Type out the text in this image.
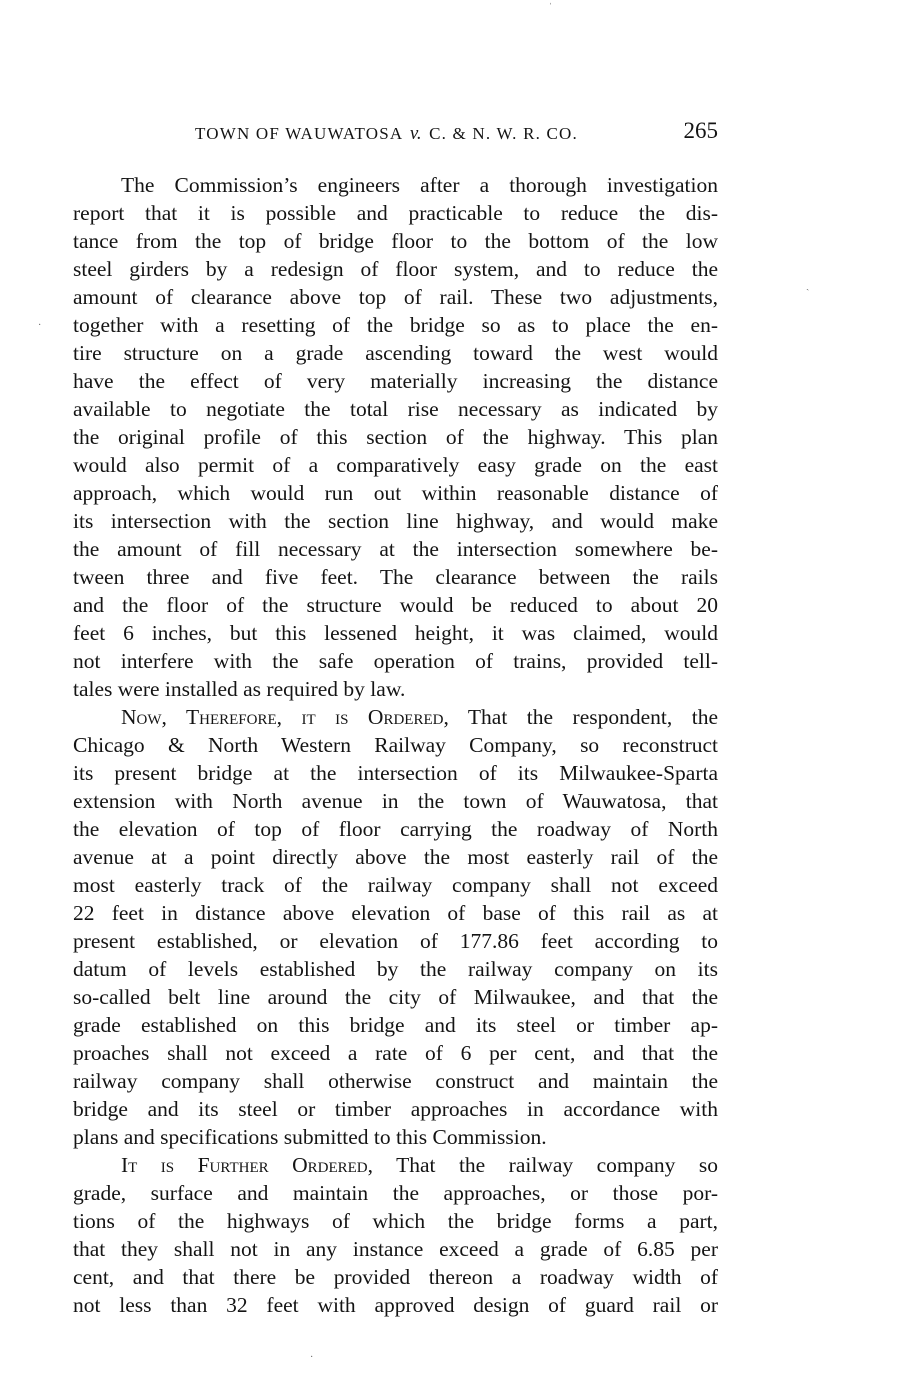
TOWN OF WAUWATOSA v. C. & N. W. R. CO.	265
The Commission’s engineers after a thorough investigation
report that it is possible and practicable to reduce the dis-
tance from the top of bridge floor to the bottom of the low
steel girders by a redesign of floor system, and to reduce the
amount of clearance above top of rail. These two adjustments,
together with a resetting of the bridge so as to place the en-
tire structure on a grade ascending toward the west would
have the effect of very materially increasing the distance
available to negotiate the total rise necessary as indicated by
the original profile of this section of the highway. This plan
would also permit of a comparatively easy grade on the east
approach, which would run out within reasonable distance of
its intersection with the section line highway, and would make
the amount of fill necessary at the intersection somewhere be-
tween three and five feet. The clearance between the rails
and the floor of the structure would be reduced to about 20
feet 6 inches, but this lessened height, it was claimed, would
not interfere with the safe operation of trains, provided tell-
tales were installed as required by law.
Now, Therefore, it is Ordered, That the respondent, the
Chicago & North Western Railway Company, so reconstruct
its present bridge at the intersection of its Milwaukee-Sparta
extension with North avenue in the town of Wauwatosa, that
the elevation of top of floor carrying the roadway of North
avenue at a point directly above the most easterly rail of the
most easterly track of the railway company shall not exceed
22 feet in distance above elevation of base of this rail as at
present established, or elevation of 177.86 feet according to
datum of levels established by the railway company on its
so-called belt line around the city of Milwaukee, and that the
grade established on this bridge and its steel or timber ap-
proaches shall not exceed a rate of 6 per cent, and that the
railway company shall otherwise construct and maintain the
bridge and its steel or timber approaches in accordance with
plans and specifications submitted to this Commission.
It is Further Ordered, That the railway company so
grade, surface and maintain the approaches, or those por-
tions of the highways of which the bridge forms a part,
that they shall not in any instance exceed a grade of 6.85 per
cent, and that there be provided thereon a roadway width of
not less than 32 feet with approved design of guard rail or
ˈ
ˏ
·
·
